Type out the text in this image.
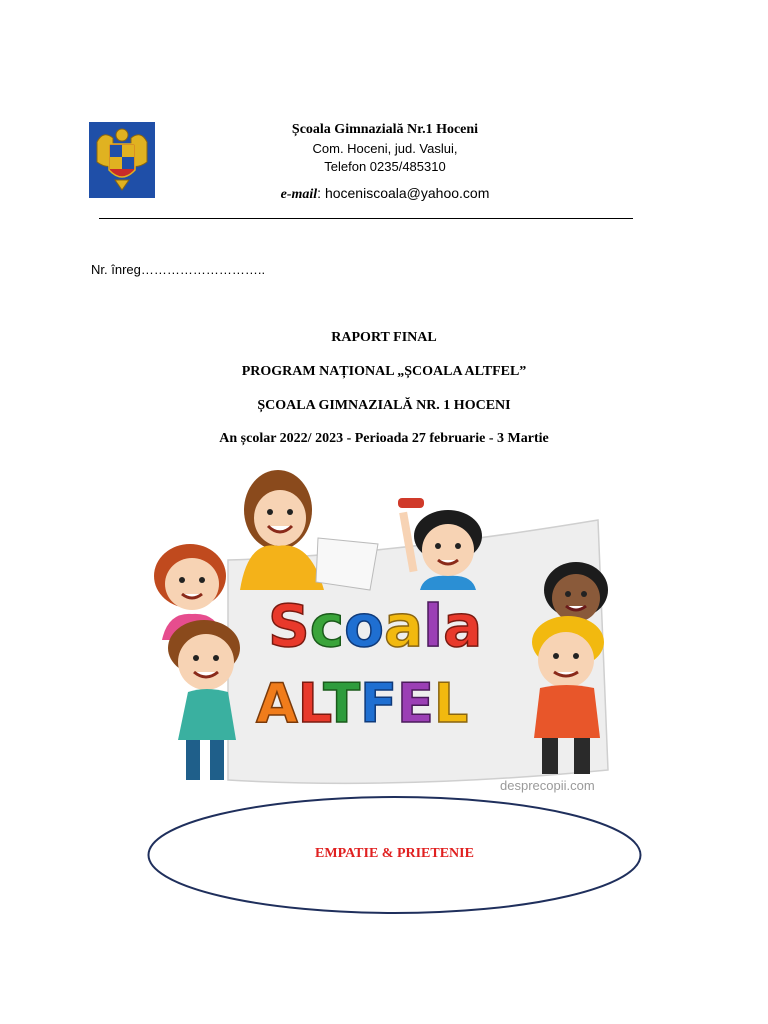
Școala Gimnazială Nr.1 Hoceni
Com. Hoceni, jud. Vaslui,
Telefon 0235/485310
e-mail: hoceniscoala@yahoo.com
Nr. înreg………………………..
RAPORT FINAL
PROGRAM NAȚIONAL „ȘCOALA ALTFEL”
ȘCOALA GIMNAZIALĂ NR. 1 HOCENI
An școlar 2022/ 2023 - Perioada 27 februarie - 3 Martie
Scoala
ALTFEL
desprecopii.com
EMPATIE & PRIETENIE
